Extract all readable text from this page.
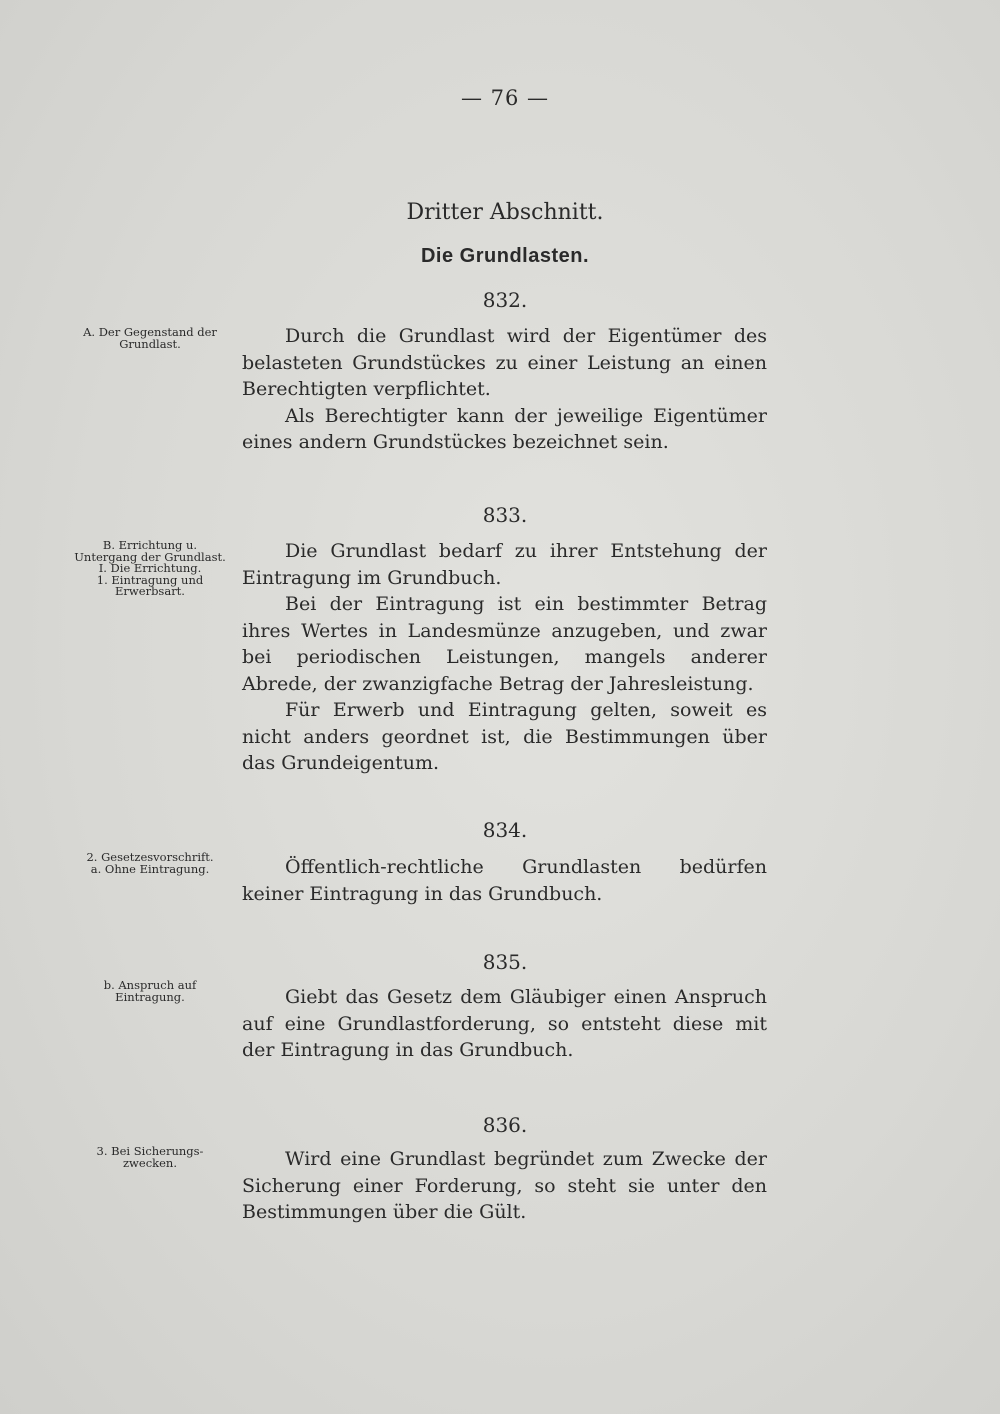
— 76 —
Dritter Abschnitt.
Die Grundlasten.
832.
A. Der Gegenstand der
Grundlast.	Durch die Grundlast wird der Eigentümer des belasteten Grundstückes zu einer Leistung an einen Berechtigten verpflichtet.

Als Berechtigter kann der jeweilige Eigentümer eines andern Grundstückes bezeichnet sein.

833.
B. Errichtung u. Untergang der Grundlast.
I. Die Errichtung.
1. Eintragung und
Erwerbsart.

Die Grundlast bedarf zu ihrer Entstehung der Eintragung im Grundbuch.

Bei der Eintragung ist ein bestimmter Betrag ihres Wertes in Landesmünze anzugeben, und zwar bei periodischen Leistungen, mangels anderer Abrede, der zwanzigfache Betrag der Jahresleistung.

Für Erwerb und Eintragung gelten, soweit es nicht anders geordnet ist, die Bestimmungen über das Grundeigentum.

834.
2. Gesetzesvorschrift.
a. Ohne Eintragung.	Öffentlich-rechtliche Grundlasten bedürfen keiner Eintragung in das Grundbuch.

835.
b. Anspruch auf
Eintragung.	Giebt das Gesetz dem Gläubiger einen Anspruch auf eine Grundlastforderung, so entsteht diese mit der Eintragung in das Grundbuch.

836.
3. Bei Sicherungs-
zwecken.	Wird eine Grundlast begründet zum Zwecke der Sicherung einer Forderung, so steht sie unter den Bestimmungen über die Gült.
